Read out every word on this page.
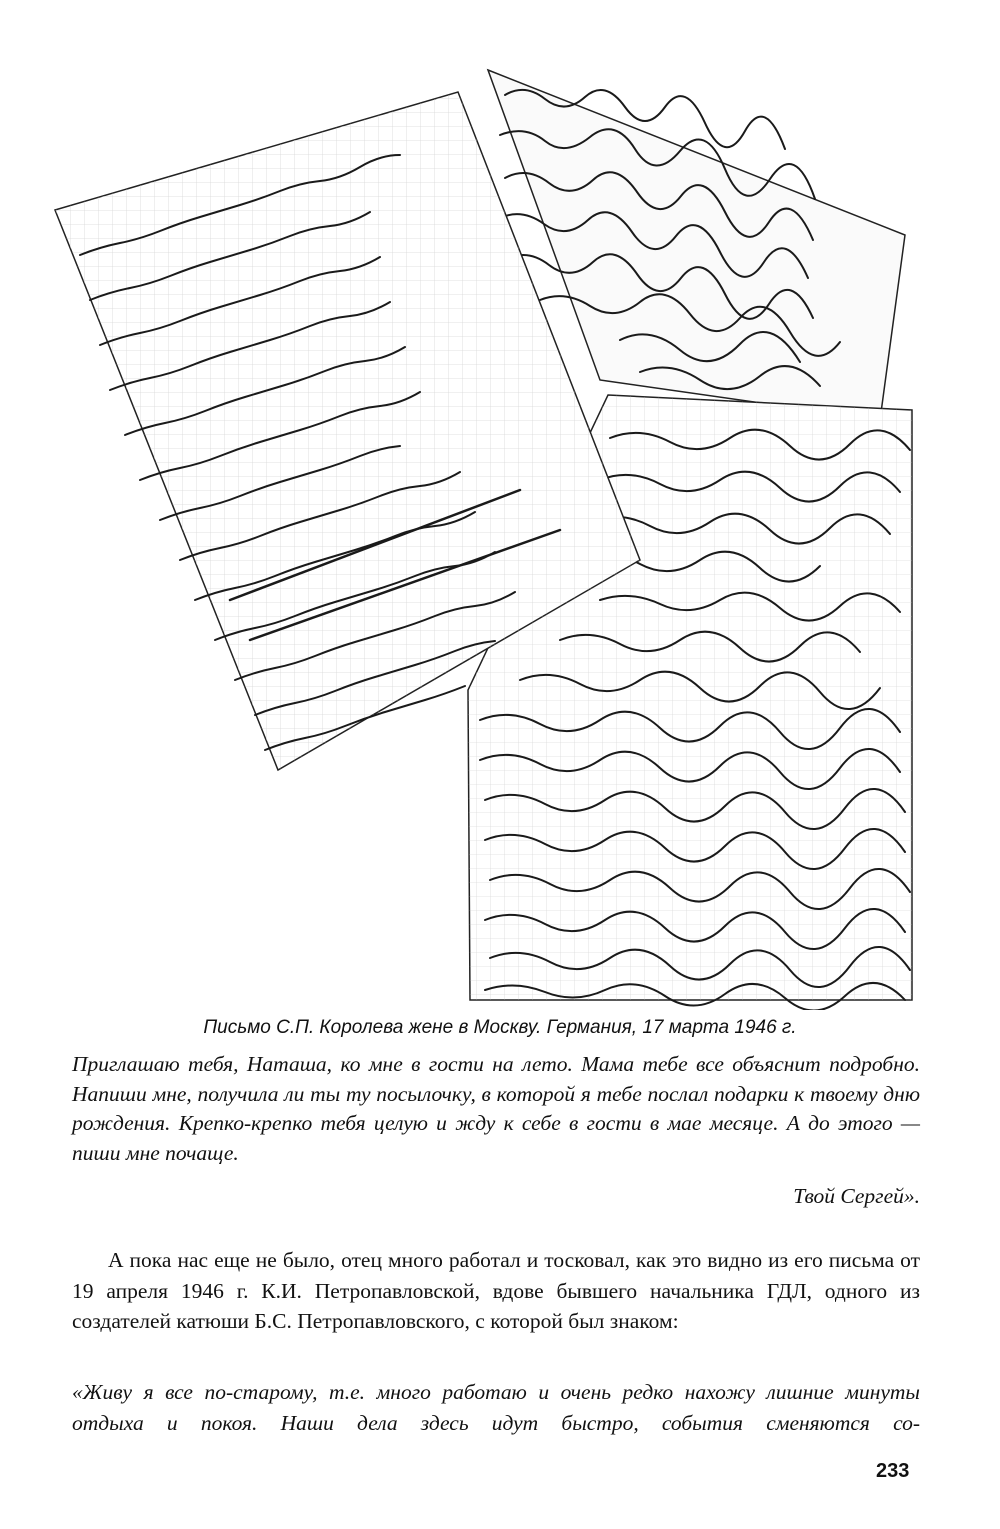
Письмо С.П. Королева жене в Москву. Германия, 17 марта 1946 г.

Приглашаю тебя, Наташа, ко мне в гости на лето. Мама тебе все объяснит подробно. Напиши мне, получила ли ты ту посылочку, в которой я тебе послал подарки к твоему дню рождения. Крепко-крепко тебя целую и жду к себе в гости в мае месяце. А до этого — пиши мне почаще.

Твой Сергей».

А пока нас еще не было, отец много работал и тосковал, как это видно из его письма от 19 апреля 1946 г. К.И. Петропавловской, вдове бывшего начальника ГДЛ, одного из создателей катюши Б.С. Петропавловского, с которой был знаком:

«Живу я все по-старому, т.е. много работаю и очень редко нахожу лишние минуты отдыха и покоя. Наши дела здесь идут быстро, события сменяются со-

233
